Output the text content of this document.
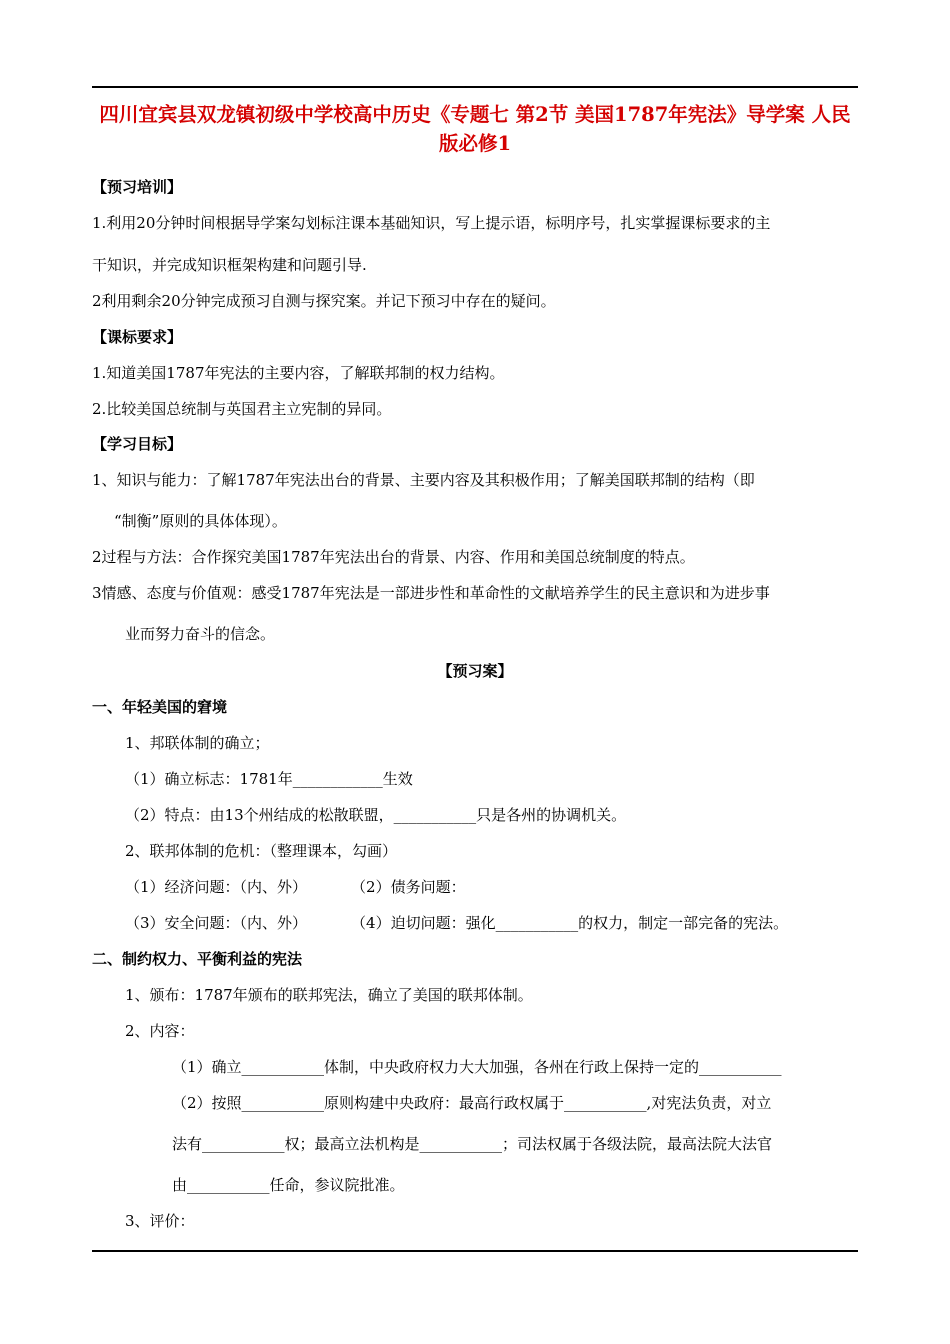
四川宜宾县双龙镇初级中学校高中历史《专题七 第2节 美国1787年宪法》导学案 人民版必修1
【预习培训】
1.利用20分钟时间根据导学案勾划标注课本基础知识，写上提示语，标明序号，扎实掌握课标要求的主
干知识，并完成知识框架构建和问题引导.
2利用剩余20分钟完成预习自测与探究案。并记下预习中存在的疑问。
【课标要求】
1.知道美国1787年宪法的主要内容，了解联邦制的权力结构。
2.比较美国总统制与英国君主立宪制的异同。
【学习目标】
1、知识与能力：了解1787年宪法出台的背景、主要内容及其积极作用；了解美国联邦制的结构（即
“制衡”原则的具体体现）。
2过程与方法：合作探究美国1787年宪法出台的背景、内容、作用和美国总统制度的特点。
3情感、态度与价值观：感受1787年宪法是一部进步性和革命性的文献培养学生的民主意识和为进步事
业而努力奋斗的信念。
【预习案】
一、年轻美国的窘境
1、邦联体制的确立；
（1）确立标志：1781年____________生效
（2）特点：由13个州结成的松散联盟，___________只是各州的协调机关。
2、联邦体制的危机：（整理课本，勾画）
（1）经济问题：（内、外）	（2）债务问题：
（3）安全问题：（内、外）	（4）迫切问题：强化___________的权力，制定一部完备的宪法。
二、制约权力、平衡利益的宪法
1、颁布：1787年颁布的联邦宪法，确立了美国的联邦体制。
2、内容：
（1）确立___________体制，中央政府权力大大加强，各州在行政上保持一定的___________
（2）按照___________原则构建中央政府：最高行政权属于___________,对宪法负责，对立
法有___________权；最高立法机构是___________；司法权属于各级法院，最高法院大法官
由___________任命，参议院批准。
3、评价：
